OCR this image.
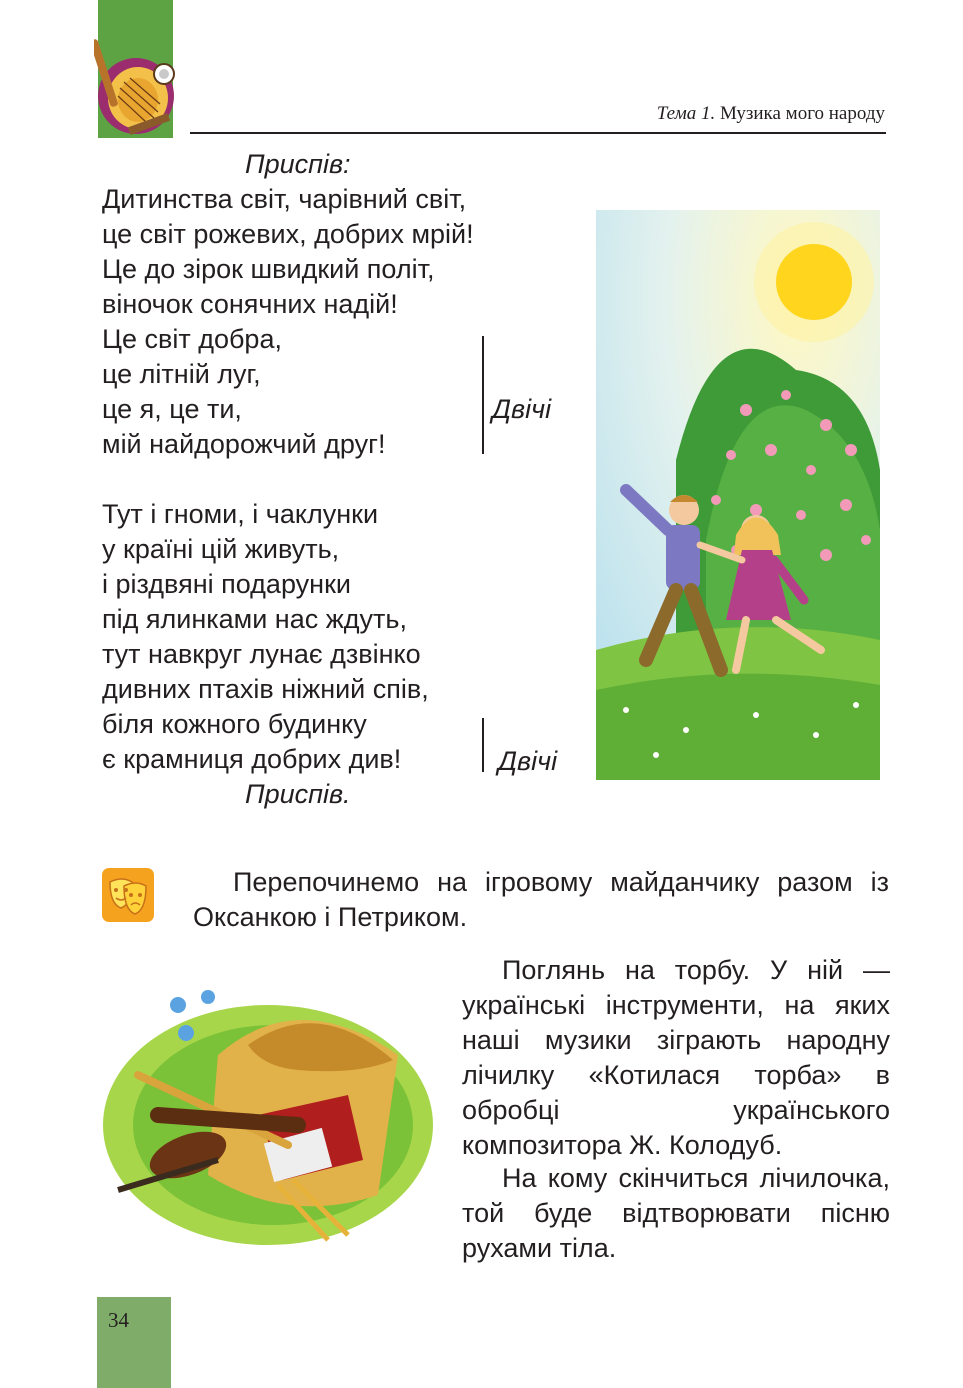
Тема 1. Музика мого народу
Приспів:
Дитинства світ, чарівний світ,
це світ рожевих, добрих мрій!
Це до зірок швидкий політ,
віночок сонячних надій!
Це світ добра,
це літній луг,
це я, це ти,
мій найдорожчий друг!
Двічі
Тут і гноми, і чаклунки
у країні цій живуть,
і різдвяні подарунки
під ялинками нас ждуть,
тут навкруг лунає дзвінко
дивних птахів ніжний спів,
біля кожного будинку
є крамниця добрих див!	Двічі
Приспів.
Перепочинемо на ігровому майданчику разом із Оксанкою і Петриком.
Поглянь на торбу. У ній — українські інструменти, на яких наші музики зіграють народну лічилку «Котилася торба» в обробці українського композитора Ж. Колодуб.
На кому скінчиться лічилочка, той буде відтворювати пісню рухами тіла.
34
